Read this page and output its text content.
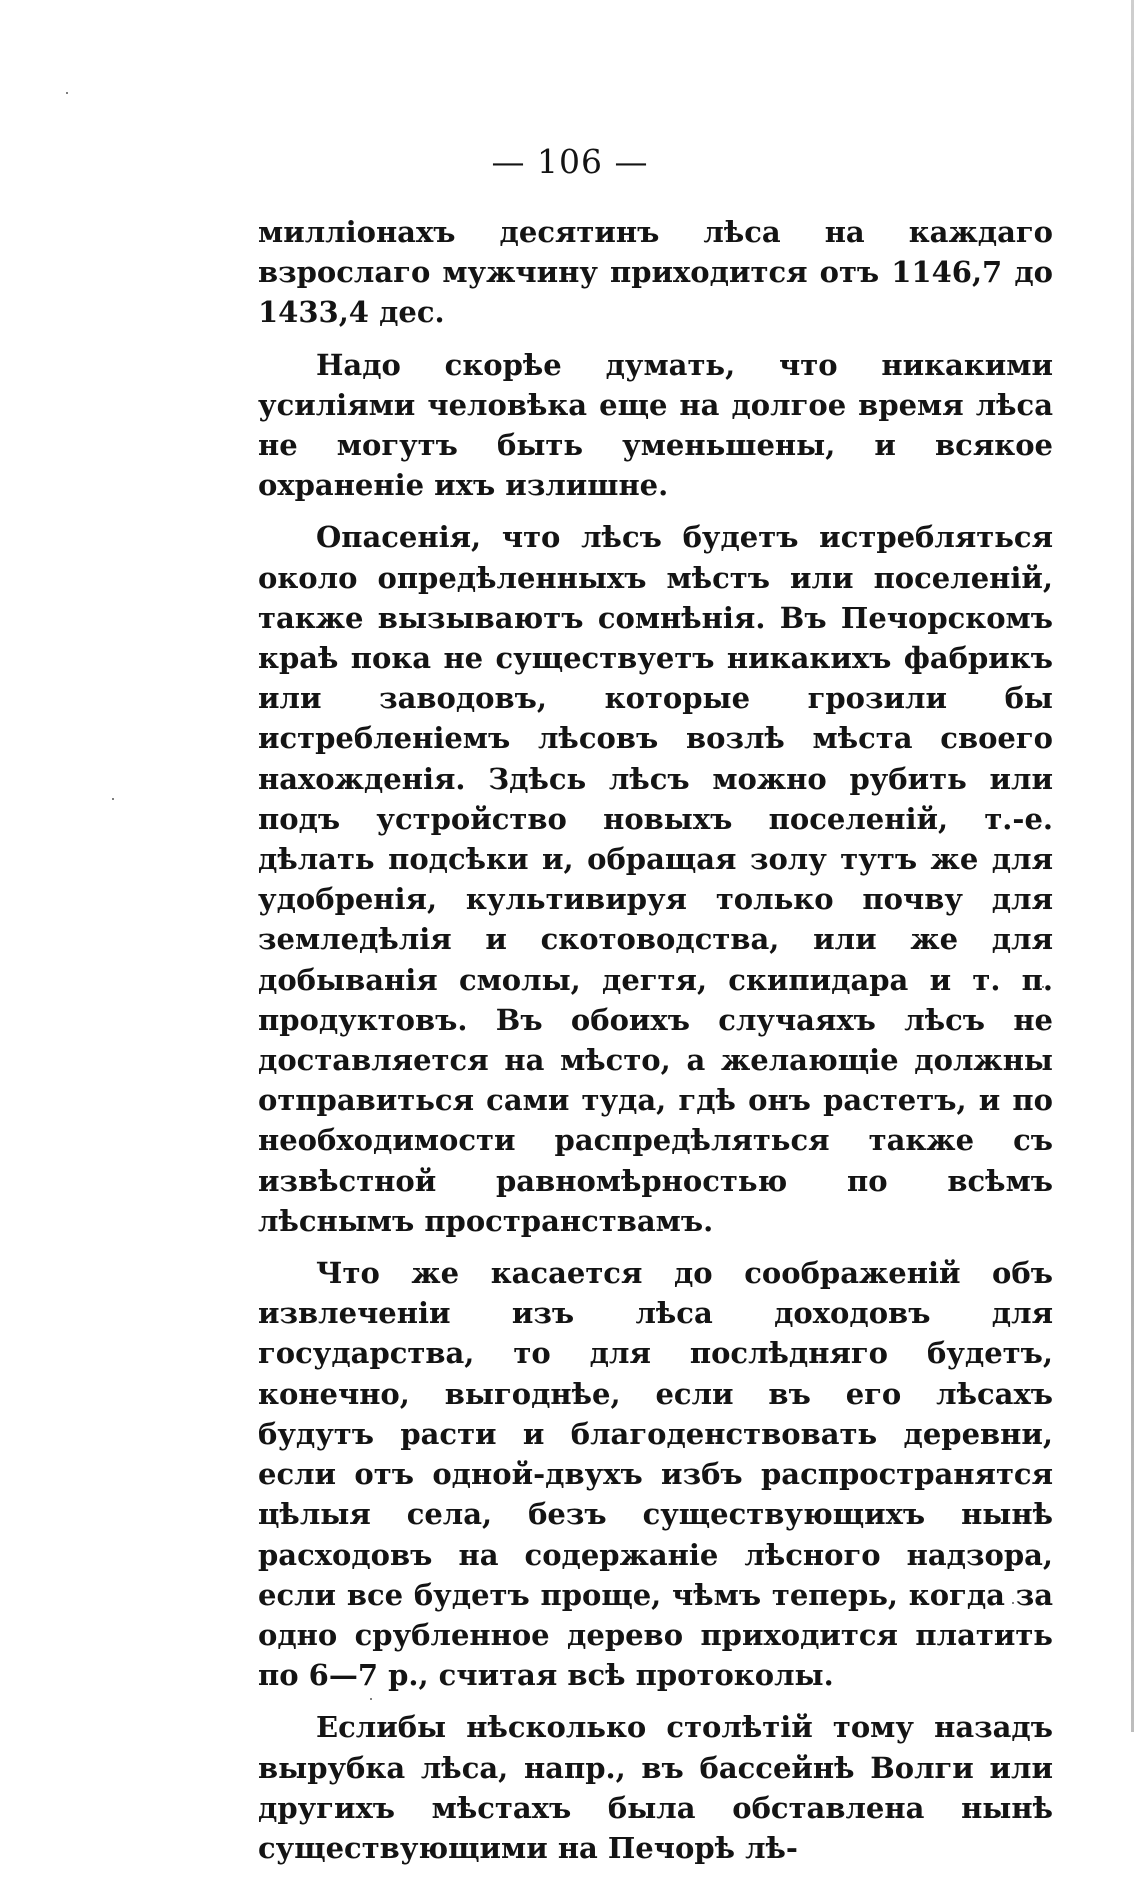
— 106 —

милліонахъ десятинъ лѣса на каждаго взрослаго мужчину приходится отъ 1146,7 до 1433,4 дес.

Надо скорѣе думать, что никакими усиліями человѣка еще на долгое время лѣса не могутъ быть уменьшены, и всякое охраненіе ихъ излишне.

Опасенія, что лѣсъ будетъ истребляться около опредѣленныхъ мѣстъ или поселеній, также вызываютъ сомнѣнія. Въ Печорскомъ краѣ пока не существуетъ никакихъ фабрикъ или заводовъ, которые грозили бы истребленіемъ лѣсовъ возлѣ мѣста своего нахожденія. Здѣсь лѣсъ можно рубить или подъ устройство новыхъ поселеній, т.-е. дѣлать подсѣки и, обращая золу тутъ же для удобренія, культивируя только почву для земледѣлія и скотоводства, или же для добыванія смолы, дегтя, скипидара и т. п. продуктовъ. Въ обоихъ случаяхъ лѣсъ не доставляется на мѣсто, а желающіе должны отправиться сами туда, гдѣ онъ растетъ, и по необходимости распредѣляться также съ извѣстной равномѣрностью по всѣмъ лѣснымъ пространствамъ.

Что же касается до соображеній объ извлеченіи изъ лѣса доходовъ для государства, то для послѣдняго будетъ, конечно, выгоднѣе, если въ его лѣсахъ будутъ расти и благоденствовать деревни, если отъ одной-двухъ избъ распространятся цѣлыя села, безъ существующихъ нынѣ расходовъ на содержаніе лѣсного надзора, если все будетъ проще, чѣмъ теперь, когда за одно срубленное дерево приходится платить по 6—7 р., считая всѣ протоколы.

Еслибы нѣсколько столѣтій тому назадъ вырубка лѣса, напр., въ бассейнѣ Волги или другихъ мѣстахъ была обставлена нынѣ существующими на Печорѣ лѣ-
